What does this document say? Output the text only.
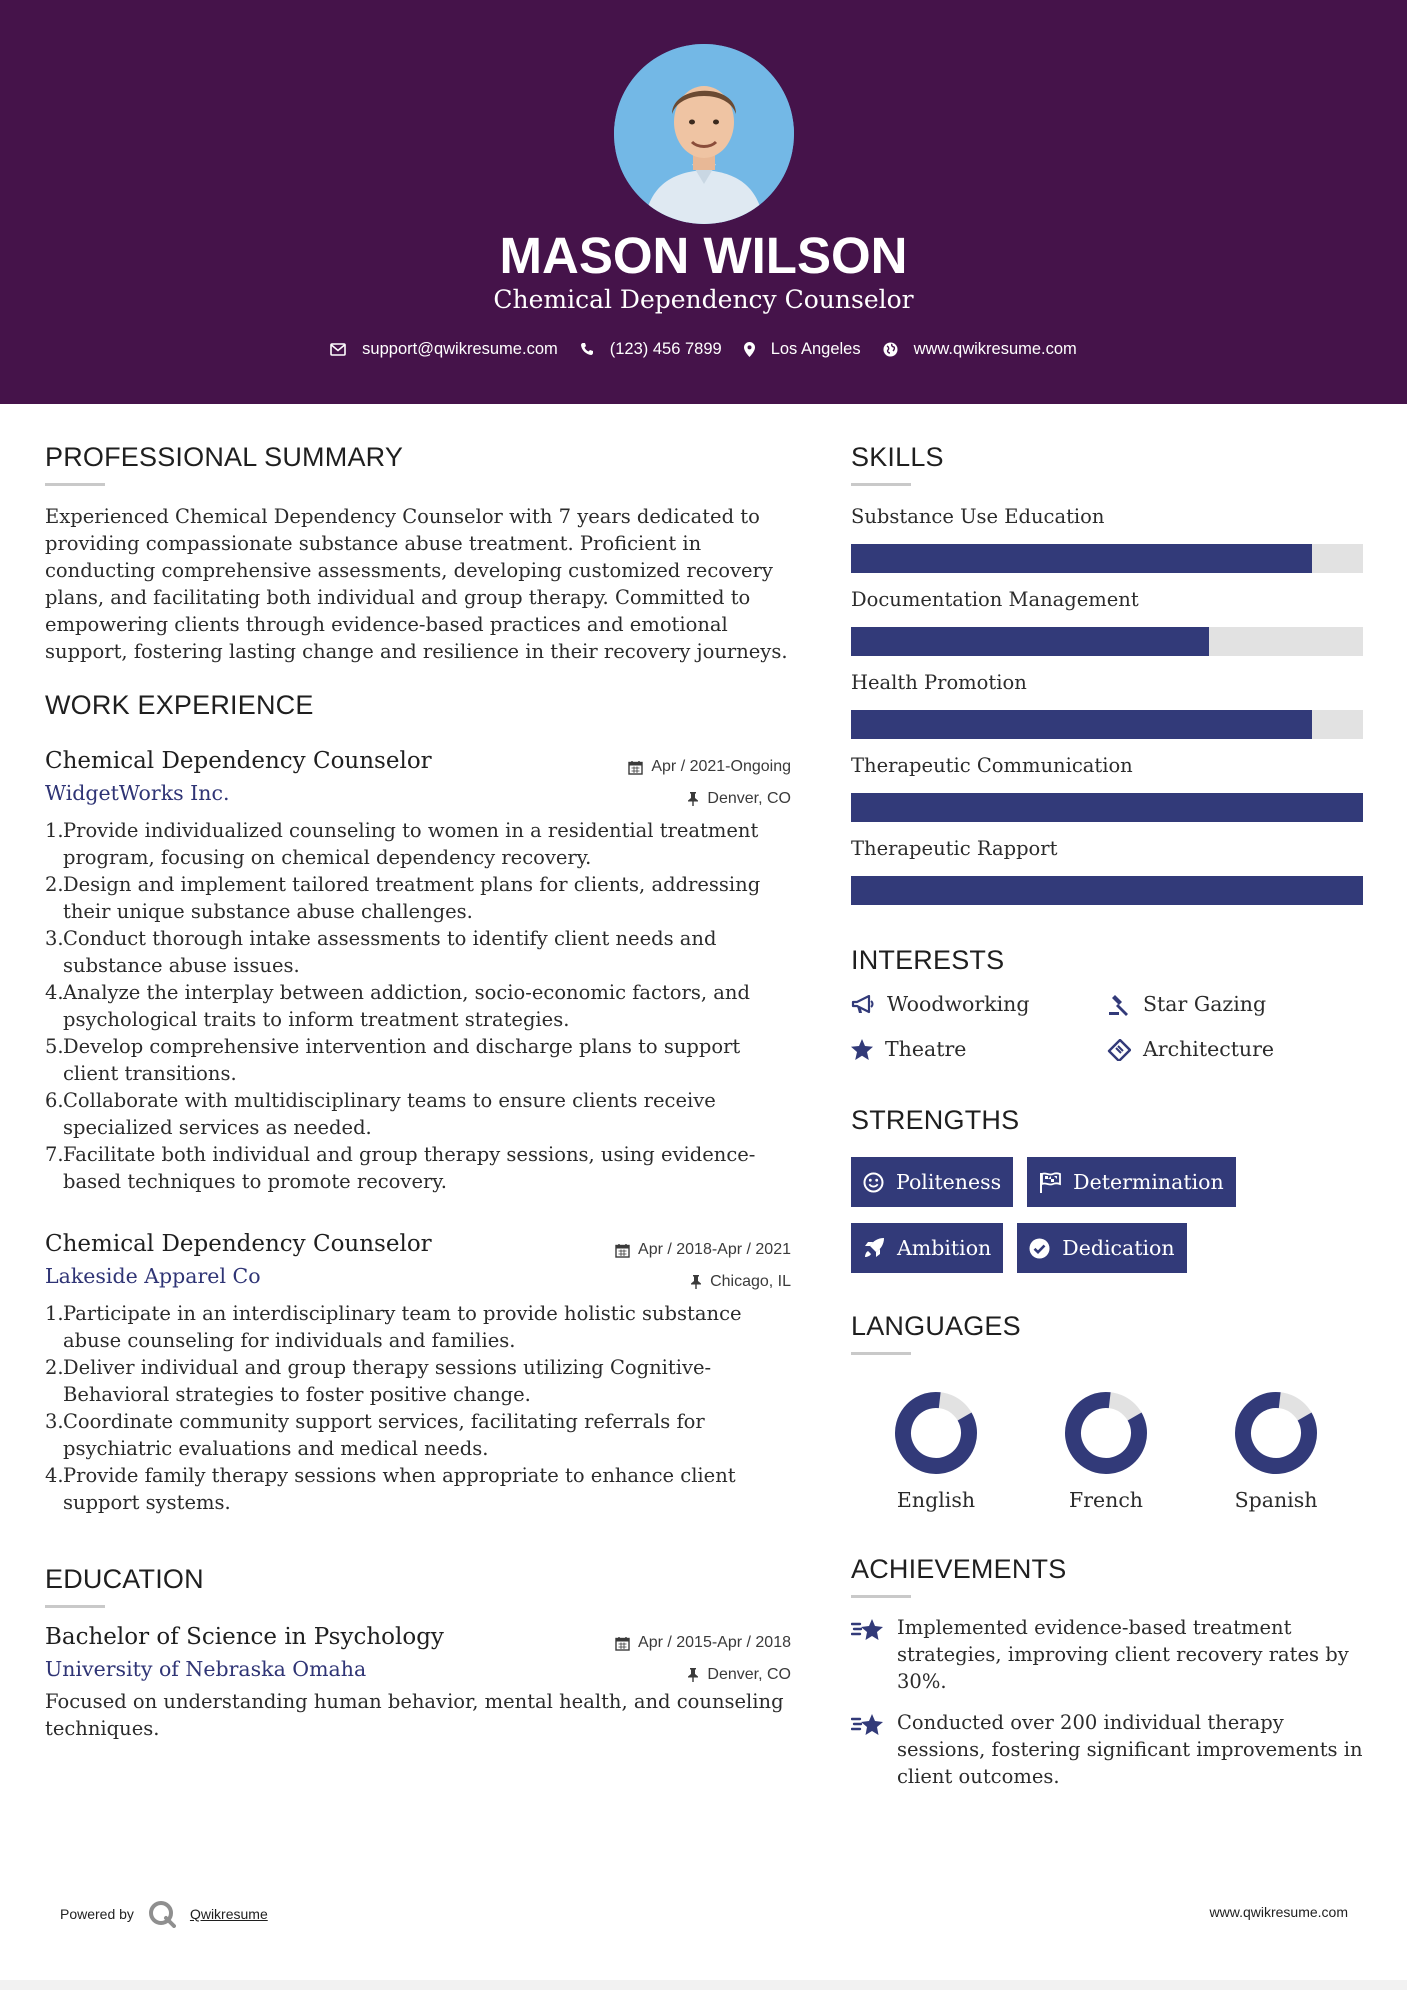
MASON WILSON
Chemical Dependency Counselor
support@qwikresume.com	(123) 456 7899	Los Angeles	www.qwikresume.com
PROFESSIONAL SUMMARY
Experienced Chemical Dependency Counselor with 7 years dedicated to providing compassionate substance abuse treatment. Proficient in conducting comprehensive assessments, developing customized recovery plans, and facilitating both individual and group therapy. Committed to empowering clients through evidence-based practices and emotional support, fostering lasting change and resilience in their recovery journeys.
WORK EXPERIENCE
Chemical Dependency Counselor	Apr / 2021-Ongoing
WidgetWorks Inc.	Denver, CO
1. Provide individualized counseling to women in a residential treatment program, focusing on chemical dependency recovery.
2. Design and implement tailored treatment plans for clients, addressing their unique substance abuse challenges.
3. Conduct thorough intake assessments to identify client needs and substance abuse issues.
4. Analyze the interplay between addiction, socio-economic factors, and psychological traits to inform treatment strategies.
5. Develop comprehensive intervention and discharge plans to support client transitions.
6. Collaborate with multidisciplinary teams to ensure clients receive specialized services as needed.
7. Facilitate both individual and group therapy sessions, using evidence-based techniques to promote recovery.
Chemical Dependency Counselor	Apr / 2018-Apr / 2021
Lakeside Apparel Co	Chicago, IL
1. Participate in an interdisciplinary team to provide holistic substance abuse counseling for individuals and families.
2. Deliver individual and group therapy sessions utilizing Cognitive-Behavioral strategies to foster positive change.
3. Coordinate community support services, facilitating referrals for psychiatric evaluations and medical needs.
4. Provide family therapy sessions when appropriate to enhance client support systems.
EDUCATION
Bachelor of Science in Psychology	Apr / 2015-Apr / 2018
University of Nebraska Omaha	Denver, CO
Focused on understanding human behavior, mental health, and counseling techniques.
SKILLS
Substance Use Education
Documentation Management
Health Promotion
Therapeutic Communication
Therapeutic Rapport
INTERESTS
Woodworking	Star Gazing
Theatre	Architecture
STRENGTHS
Politeness	Determination
Ambition	Dedication
LANGUAGES
English	French	Spanish
ACHIEVEMENTS
Implemented evidence-based treatment strategies, improving client recovery rates by 30%.
Conducted over 200 individual therapy sessions, fostering significant improvements in client outcomes.
Powered by	Qwikresume	www.qwikresume.com
